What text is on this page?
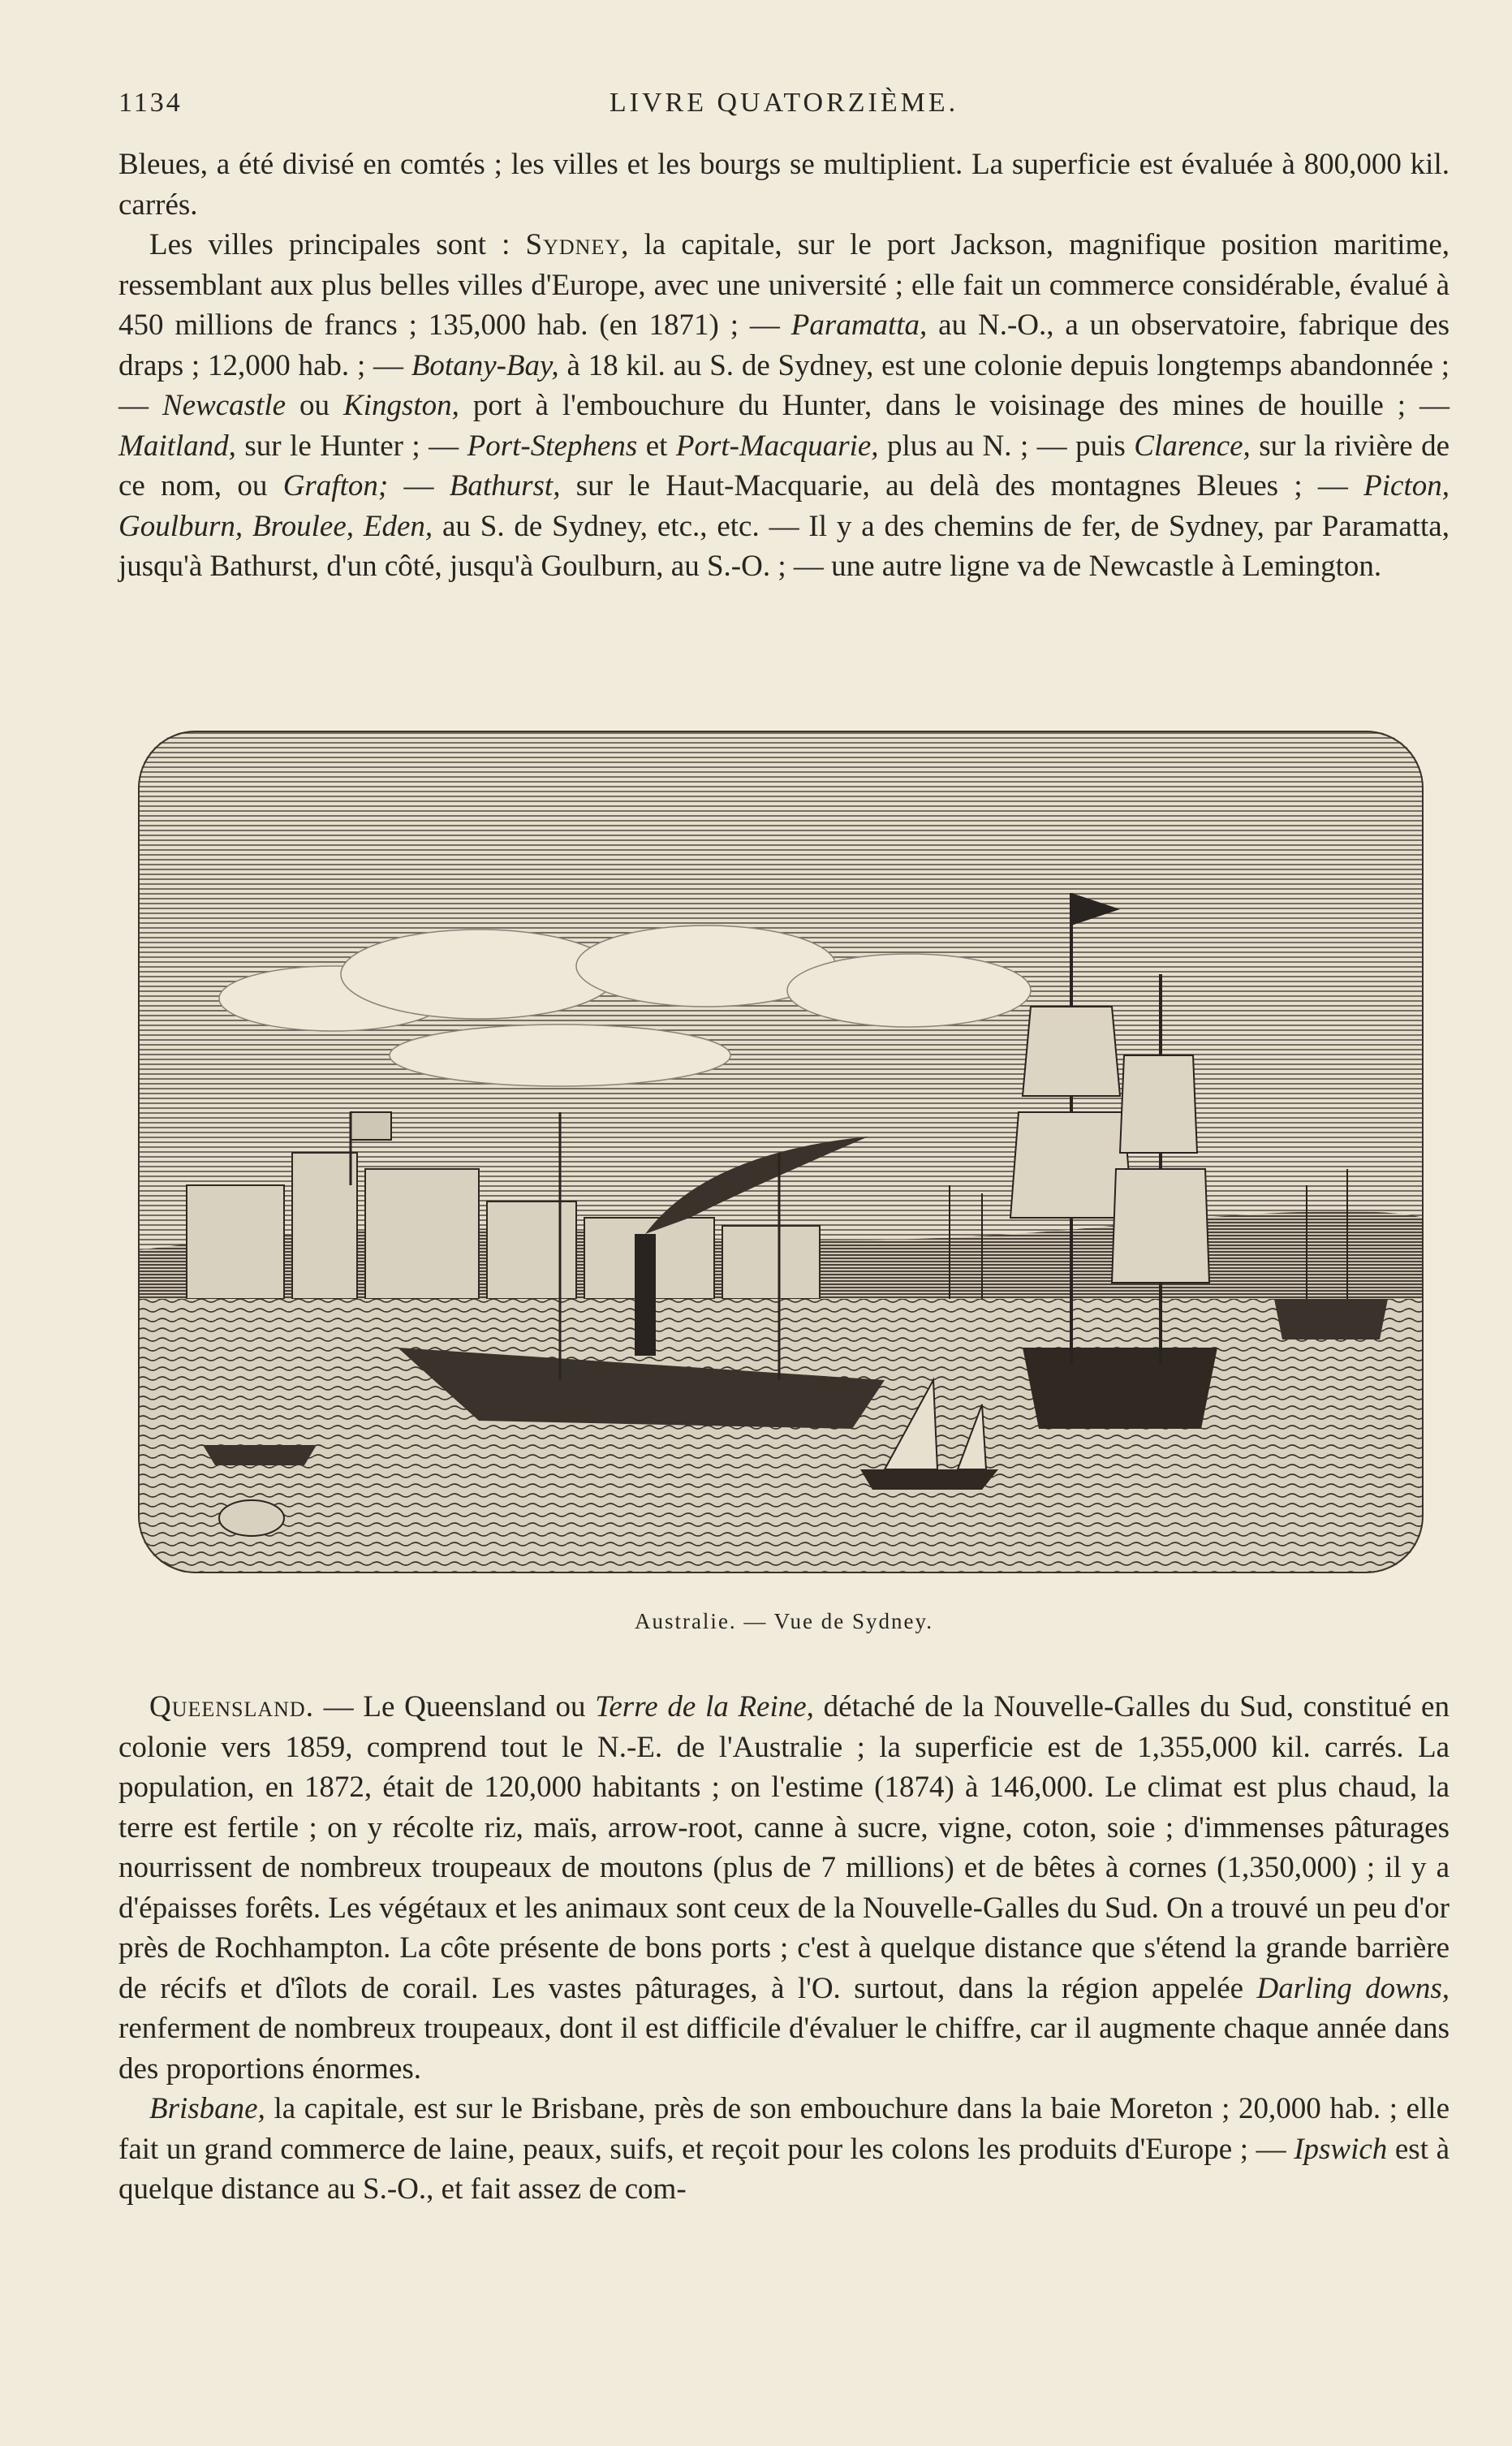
1134	LIVRE QUATORZIÈME.

Bleues, a été divisé en comtés ; les villes et les bourgs se multiplient. La superficie est évaluée à 800,000 kil. carrés.

Les villes principales sont : Sydney, la capitale, sur le port Jackson, magnifique position maritime, ressemblant aux plus belles villes d'Europe, avec une université ; elle fait un commerce considérable, évalué à 450 millions de francs ; 135,000 hab. (en 1871) ; — Paramatta, au N.-O., a un observatoire, fabrique des draps ; 12,000 hab. ; — Botany-Bay, à 18 kil. au S. de Sydney, est une colonie depuis longtemps abandonnée ; — Newcastle ou Kingston, port à l'embouchure du Hunter, dans le voisinage des mines de houille ; — Maitland, sur le Hunter ; — Port-Stephens et Port-Macquarie, plus au N. ; — puis Clarence, sur la rivière de ce nom, ou Grafton; — Bathurst, sur le Haut-Macquarie, au delà des montagnes Bleues ; — Picton, Goulburn, Broulee, Eden, au S. de Sydney, etc., etc. — Il y a des chemins de fer, de Sydney, par Paramatta, jusqu'à Bathurst, d'un côté, jusqu'à Goulburn, au S.-O. ; — une autre ligne va de Newcastle à Lemington.

Australie. — Vue de Sydney.

Queensland. — Le Queensland ou Terre de la Reine, détaché de la Nouvelle-Galles du Sud, constitué en colonie vers 1859, comprend tout le N.-E. de l'Australie ; la superficie est de 1,355,000 kil. carrés. La population, en 1872, était de 120,000 habitants ; on l'estime (1874) à 146,000. Le climat est plus chaud, la terre est fertile ; on y récolte riz, maïs, arrow-root, canne à sucre, vigne, coton, soie ; d'immenses pâturages nourrissent de nombreux troupeaux de moutons (plus de 7 millions) et de bêtes à cornes (1,350,000) ; il y a d'épaisses forêts. Les végétaux et les animaux sont ceux de la Nouvelle-Galles du Sud. On a trouvé un peu d'or près de Rochhampton. La côte présente de bons ports ; c'est à quelque distance que s'étend la grande barrière de récifs et d'îlots de corail. Les vastes pâturages, à l'O. surtout, dans la région appelée Darling downs, renferment de nombreux troupeaux, dont il est difficile d'évaluer le chiffre, car il augmente chaque année dans des proportions énormes.

Brisbane, la capitale, est sur le Brisbane, près de son embouchure dans la baie Moreton ; 20,000 hab. ; elle fait un grand commerce de laine, peaux, suifs, et reçoit pour les colons les produits d'Europe ; — Ipswich est à quelque distance au S.-O., et fait assez de com-
